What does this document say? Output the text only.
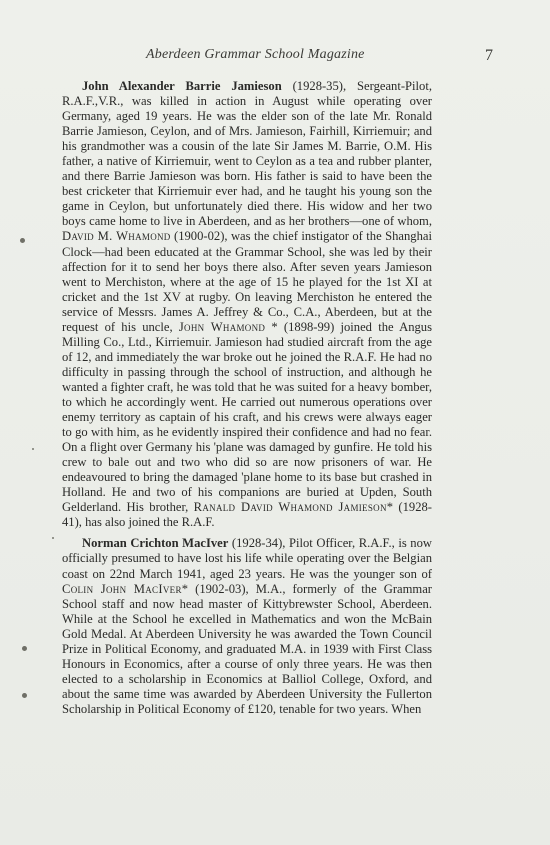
Aberdeen Grammar School Magazine	7

John Alexander Barrie Jamieson (1928-35), Sergeant-Pilot, R.A.F.,V.R., was killed in action in August while operating over Germany, aged 19 years. He was the elder son of the late Mr. Ronald Barrie Jamieson, Ceylon, and of Mrs. Jamieson, Fairhill, Kirriemuir; and his grandmother was a cousin of the late Sir James M. Barrie, O.M. His father, a native of Kirriemuir, went to Ceylon as a tea and rubber planter, and there Barrie Jamieson was born. His father is said to have been the best cricketer that Kirriemuir ever had, and he taught his young son the game in Ceylon, but unfortunately died there. His widow and her two boys came home to live in Aberdeen, and as her brothers—one of whom, David M. Whamond (1900-02), was the chief instigator of the Shanghai Clock—had been educated at the Grammar School, she was led by their affection for it to send her boys there also. After seven years Jamieson went to Merchiston, where at the age of 15 he played for the 1st XI at cricket and the 1st XV at rugby. On leaving Merchiston he entered the service of Messrs. James A. Jeffrey & Co., C.A., Aberdeen, but at the request of his uncle, John Whamond * (1898-99) joined the Angus Milling Co., Ltd., Kirriemuir. Jamieson had studied aircraft from the age of 12, and immediately the war broke out he joined the R.A.F. He had no difficulty in passing through the school of instruction, and although he wanted a fighter craft, he was told that he was suited for a heavy bomber, to which he accordingly went. He carried out numerous operations over enemy territory as captain of his craft, and his crews were always eager to go with him, as he evidently inspired their confidence and had no fear. On a flight over Germany his 'plane was damaged by gunfire. He told his crew to bale out and two who did so are now prisoners of war. He endeavoured to bring the damaged 'plane home to its base but crashed in Holland. He and two of his companions are buried at Upden, South Gelderland. His brother, Ranald David Whamond Jamieson* (1928-41), has also joined the R.A.F.

Norman Crichton MacIver (1928-34), Pilot Officer, R.A.F., is now officially presumed to have lost his life while operating over the Belgian coast on 22nd March 1941, aged 23 years. He was the younger son of Colin John MacIver* (1902-03), M.A., formerly of the Grammar School staff and now head master of Kittybrewster School, Aberdeen. While at the School he excelled in Mathematics and won the McBain Gold Medal. At Aberdeen University he was awarded the Town Council Prize in Political Economy, and graduated M.A. in 1939 with First Class Honours in Economics, after a course of only three years. He was then elected to a scholarship in Economics at Balliol College, Oxford, and about the same time was awarded by Aberdeen University the Fullerton Scholarship in Political Economy of £120, tenable for two years. When
